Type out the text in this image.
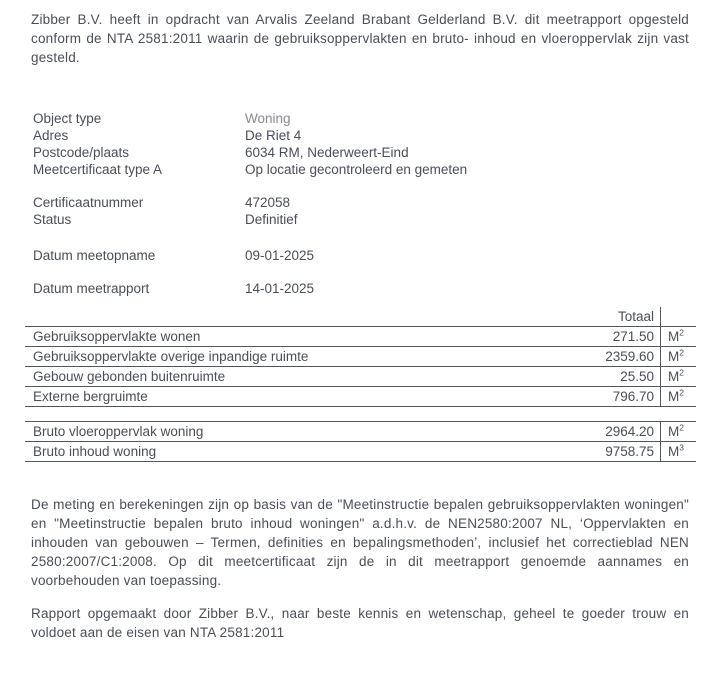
Zibber B.V. heeft in opdracht van Arvalis Zeeland Brabant Gelderland B.V. dit meetrapport opgesteld conform de NTA 2581:2011 waarin de gebruiksoppervlakten en bruto- inhoud en vloeroppervlak zijn vast gesteld.

Object type	Woning
Adres	De Riet 4
Postcode/plaats	6034 RM, Nederweert-Eind
Meetcertificaat type A	Op locatie gecontroleerd en gemeten
Certificaatnummer	472058
Status	Definitief
Datum meetopname	09-01-2025
Datum meetrapport	14-01-2025
Totaal
Gebruiksoppervlakte wonen	271.50	$M^2$
Gebruiksoppervlakte overige inpandige ruimte	2359.60	$M^2$
Gebouw gebonden buitenruimte	25.50	$M^2$
Externe bergruimte	796.70	$M^2$
Bruto vloeroppervlak woning	2964.20	$M^2$
Bruto inhoud woning	9758.75	$M^3$

De meting en berekeningen zijn op basis van de "Meetinstructie bepalen gebruiksoppervlakten woningen" en "Meetinstructie bepalen bruto inhoud woningen" a.d.h.v. de NEN2580:2007 NL, ‘Oppervlakten en inhouden van gebouwen – Termen, definities en bepalingsmethoden’, inclusief het correctieblad NEN 2580:2007/C1:2008. Op dit meetcertificaat zijn de in dit meetrapport genoemde aannames en voorbehouden van toepassing.

Rapport opgemaakt door Zibber B.V., naar beste kennis en wetenschap, geheel te goeder trouw en voldoet aan de eisen van NTA 2581:2011
